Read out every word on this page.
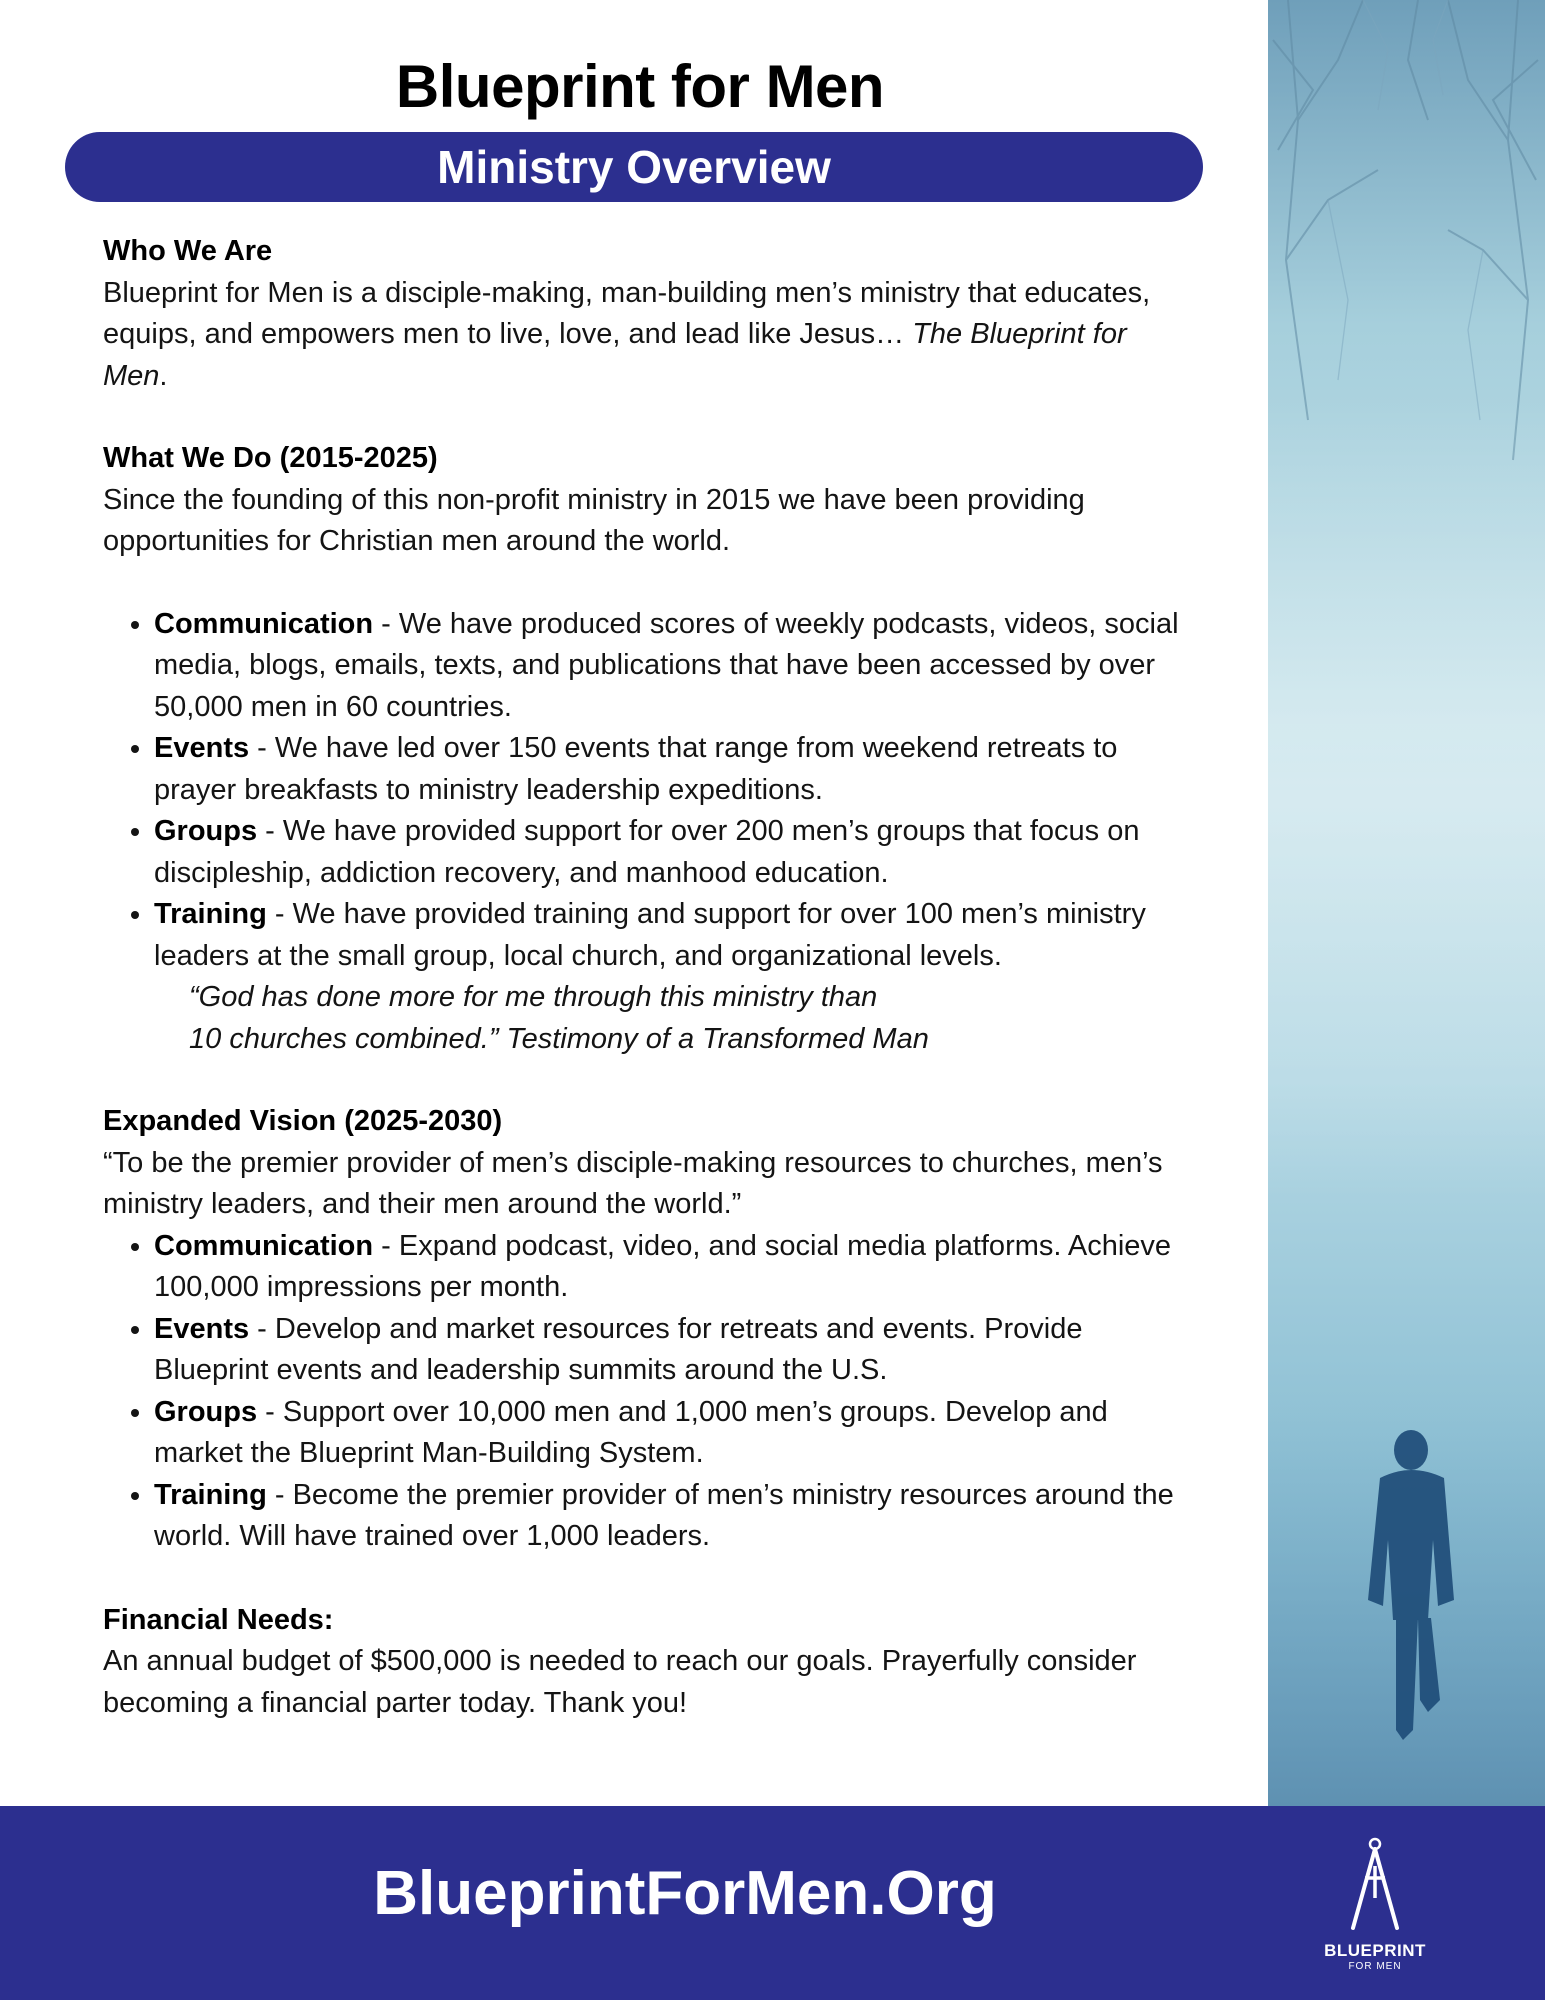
Blueprint for Men
Ministry Overview

Who We Are

Blueprint for Men is a disciple-making, man-building men’s ministry that educates, equips, and empowers men to live, love, and lead like Jesus… The Blueprint for Men.

What We Do (2015-2025)

Since the founding of this non-profit ministry in 2015 we have been providing opportunities for Christian men around the world.

• Communication - We have produced scores of weekly podcasts, videos, social media, blogs, emails, texts, and publications that have been accessed by over 50,000 men in 60 countries.
• Events - We have led over 150 events that range from weekend retreats to prayer breakfasts to ministry leadership expeditions.
• Groups - We have provided support for over 200 men’s groups that focus on discipleship, addiction recovery, and manhood education.
• Training - We have provided training and support for over 100 men’s ministry leaders at the small group, local church, and organizational levels.

“God has done more for me through this ministry than

10 churches combined.” Testimony of a Transformed Man

Expanded Vision (2025-2030)

“To be the premier provider of men’s disciple-making resources to churches, men’s ministry leaders, and their men around the world.”

• Communication - Expand podcast, video, and social media platforms. Achieve 100,000 impressions per month.
• Events - Develop and market resources for retreats and events. Provide Blueprint events and leadership summits around the U.S.
• Groups - Support over 10,000 men and 1,000 men’s groups. Develop and market the Blueprint Man-Building System.
• Training - Become the premier provider of men’s ministry resources around the world. Will have trained over 1,000 leaders.

Financial Needs:

An annual budget of $500,000 is needed to reach our goals. Prayerfully consider becoming a financial parter today. Thank you!

BlueprintForMen.Org
BLUEPRINT
FOR MEN
